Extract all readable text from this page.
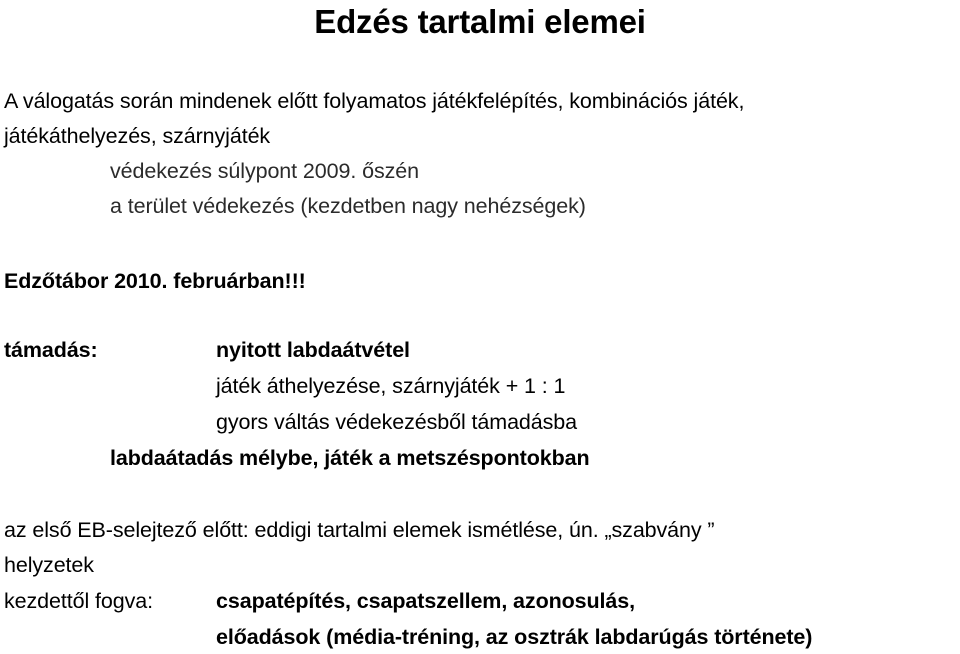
Edzés tartalmi elemei
A válogatás során mindenek előtt folyamatos játékfelépítés, kombinációs játék,
játékáthelyezés, szárnyjáték
védekezés súlypont 2009. őszén
a terület védekezés (kezdetben nagy nehézségek)
Edzőtábor 2010. februárban!!!
támadás:	nyitott labdaátvétel
játék áthelyezése, szárnyjáték + 1 : 1
gyors váltás védekezésből támadásba
labdaátadás mélybe, játék a metszéspontokban
az első EB-selejtező előtt: eddigi tartalmi elemek ismétlése, ún. „szabvány ”
helyzetek
kezdettől fogva:	csapatépítés, csapatszellem, azonosulás,
előadások (média-tréning, az osztrák labdarúgás története)
